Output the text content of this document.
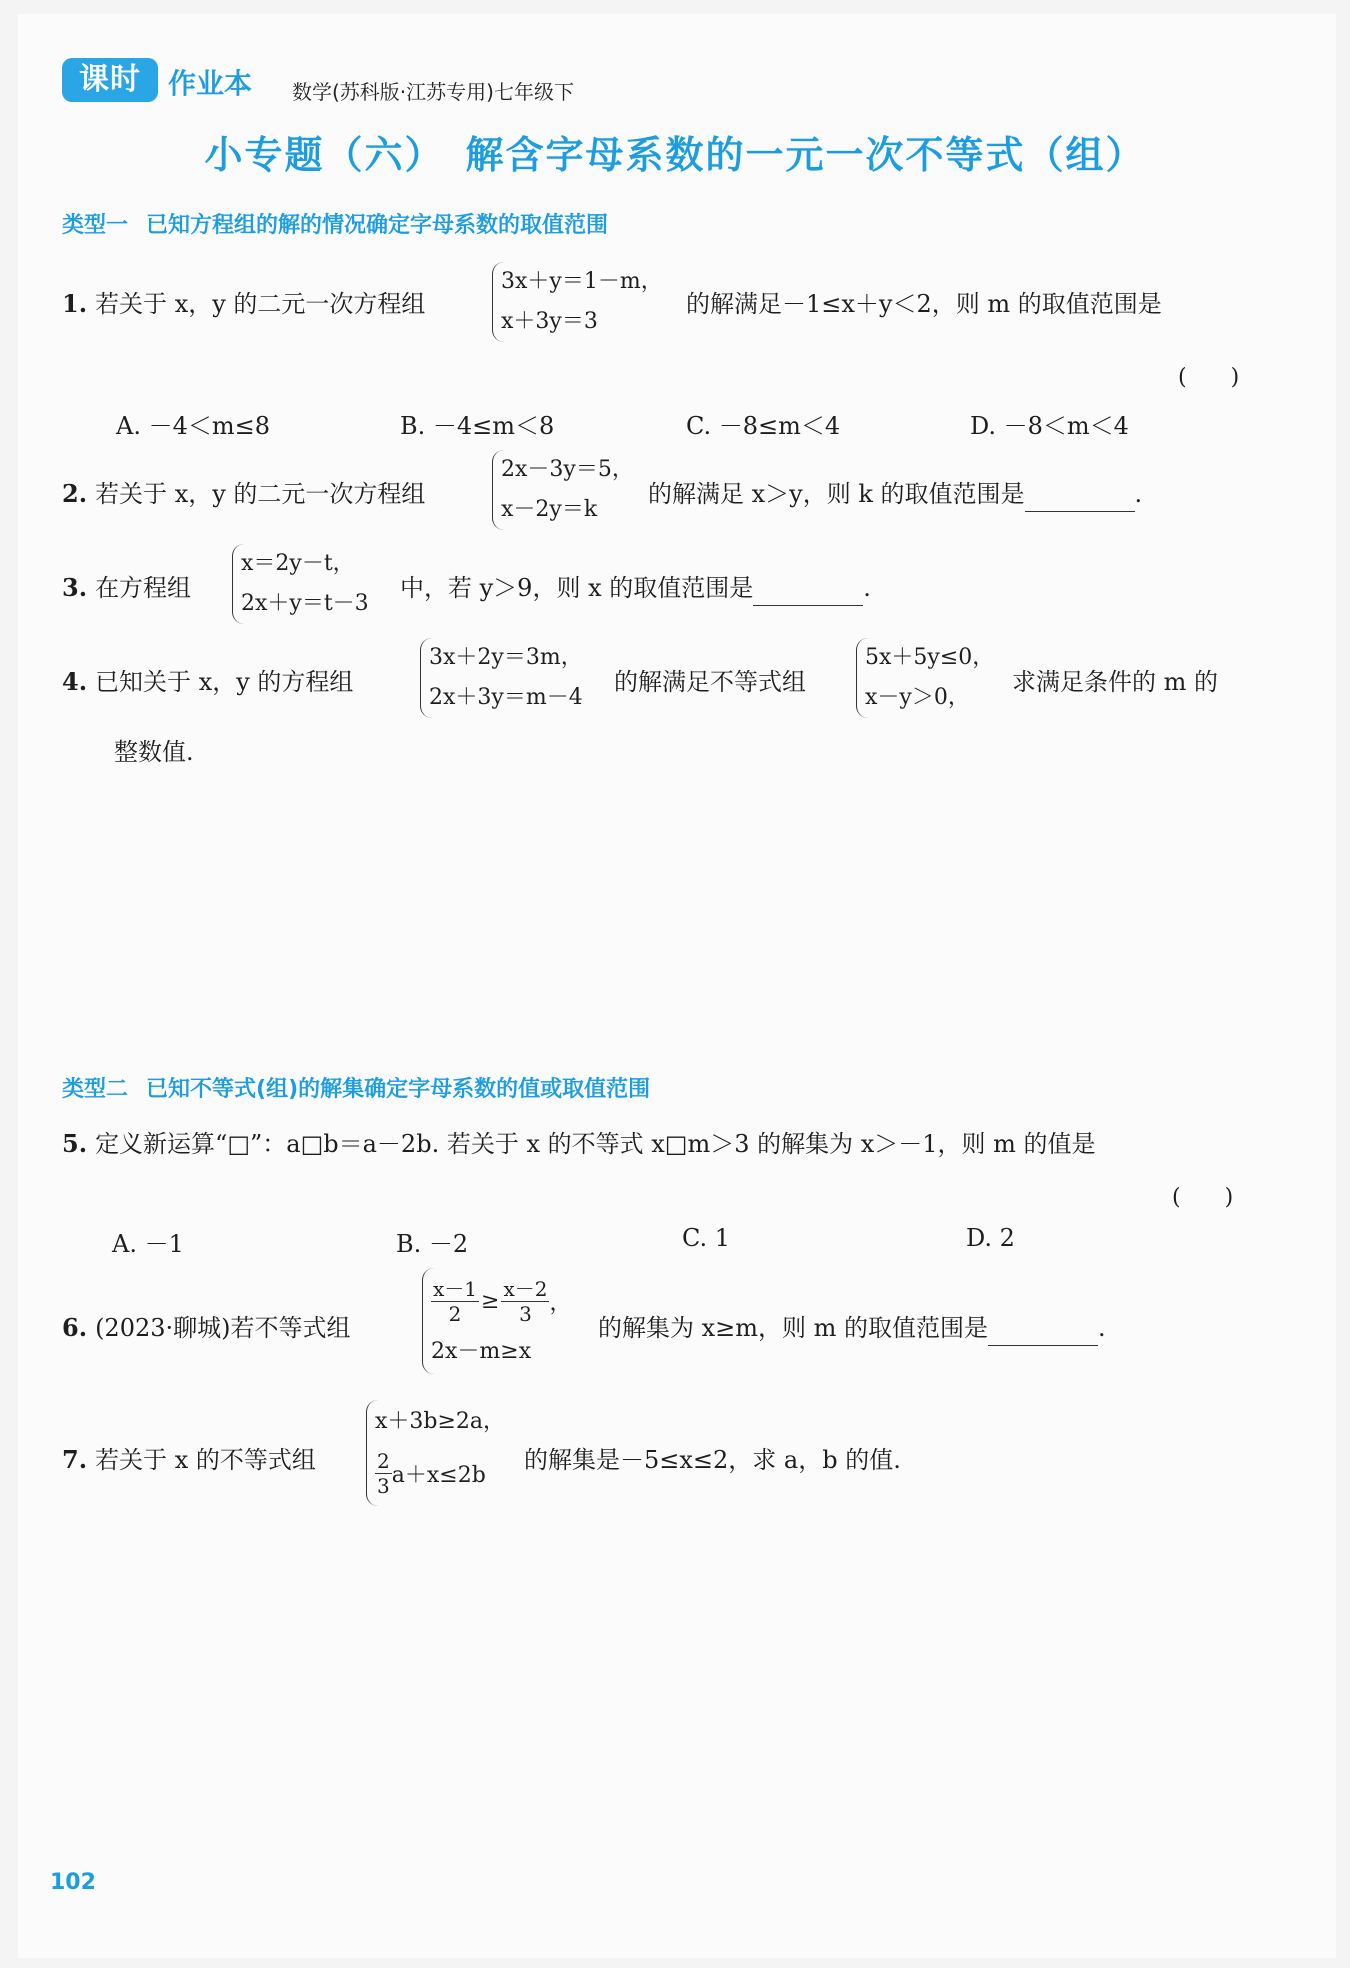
课时 作业本 数学(苏科版·江苏专用)七年级下
小专题（六）　解含字母系数的一元一次不等式（组）
类型一 已知方程组的解的情况确定字母系数的取值范围
1. 若关于 x，y 的二元一次方程组
3x＋y＝1－m，
x＋3y＝3
的解满足－1≤x＋y＜2，则 m 的取值范围是
(　　)
A. －4＜m≤8	B. －4≤m＜8	C. －8≤m＜4	D. －8＜m＜4
2. 若关于 x，y 的二元一次方程组
2x－3y＝5，
x－2y＝k
的解满足 x＞y，则 k 的取值范围是	.
3. 在方程组
x＝2y－t，
2x＋y＝t－3
中，若 y＞9，则 x 的取值范围是	.
4. 已知关于 x，y 的方程组
3x＋2y＝3m，
2x＋3y＝m－4
的解满足不等式组
5x＋5y≤0，
x－y＞0，
求满足条件的 m 的
整数值.
类型二 已知不等式(组)的解集确定字母系数的值或取值范围
5. 定义新运算“□”：a□b＝a－2b. 若关于 x 的不等式 x□m＞3 的解集为 x＞－1，则 m 的值是
(　　)
A. －1	B. －2	C. 1	D. 2
6. (2023·聊城)若不等式组
$\frac{x-1}{2} \ge \frac{x-2}{3}$ ，
2x－m≥x
的解集为 x≥m，则 m 的取值范围是	.
7. 若关于 x 的不等式组
x＋3b≥2a，
$\frac{2}{3} a+x\le 2b$
的解集是－5≤x≤2，求 a，b 的值.
102
